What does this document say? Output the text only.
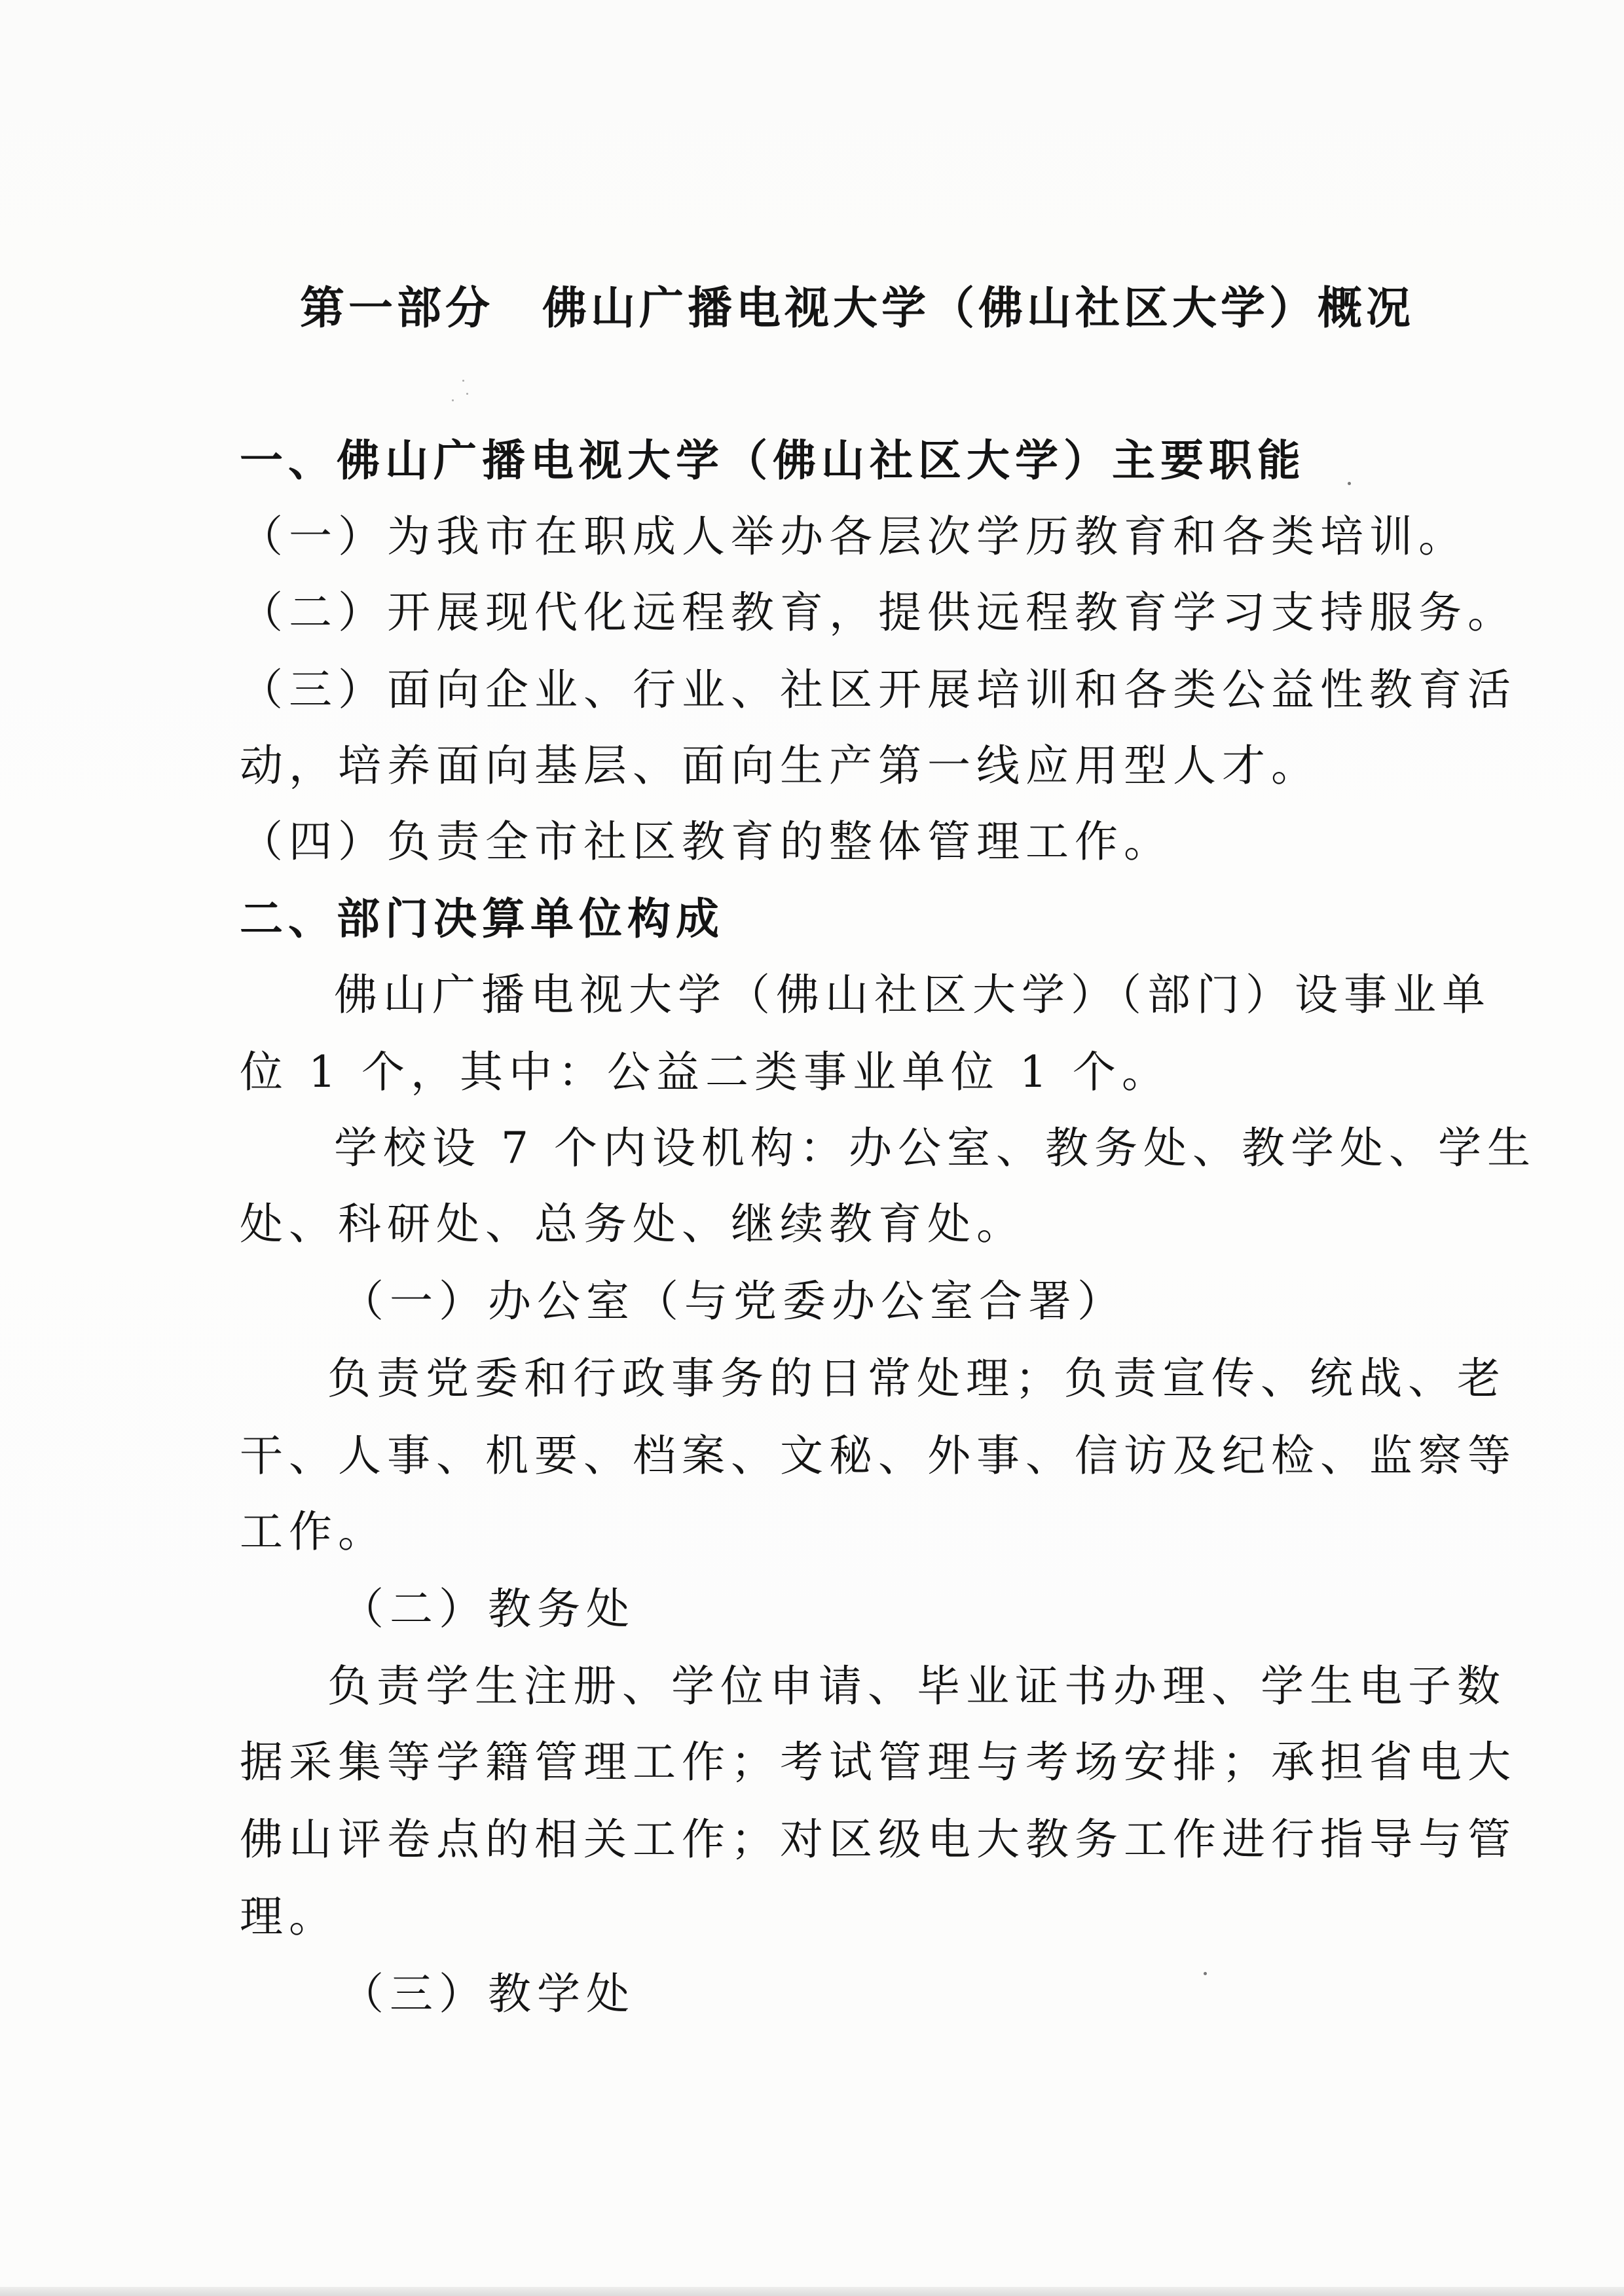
第一部分　佛山广播电视大学（佛山社区大学）概况
一、佛山广播电视大学（佛山社区大学）主要职能
（一）为我市在职成人举办各层次学历教育和各类培训。
（二）开展现代化远程教育，提供远程教育学习支持服务。
（三）面向企业、行业、社区开展培训和各类公益性教育活
动，培养面向基层、面向生产第一线应用型人才。
（四）负责全市社区教育的整体管理工作。
二、部门决算单位构成
佛山广播电视大学（佛山社区大学）（部门）设事业单
位 1 个，其中：公益二类事业单位 1 个。
学校设 7 个内设机构：办公室、教务处、教学处、学生
处、科研处、总务处、继续教育处。
（一）办公室（与党委办公室合署）
负责党委和行政事务的日常处理；负责宣传、统战、老
干、人事、机要、档案、文秘、外事、信访及纪检、监察等
工作。
（二）教务处
负责学生注册、学位申请、毕业证书办理、学生电子数
据采集等学籍管理工作；考试管理与考场安排；承担省电大
佛山评卷点的相关工作；对区级电大教务工作进行指导与管
理。
（三）教学处
